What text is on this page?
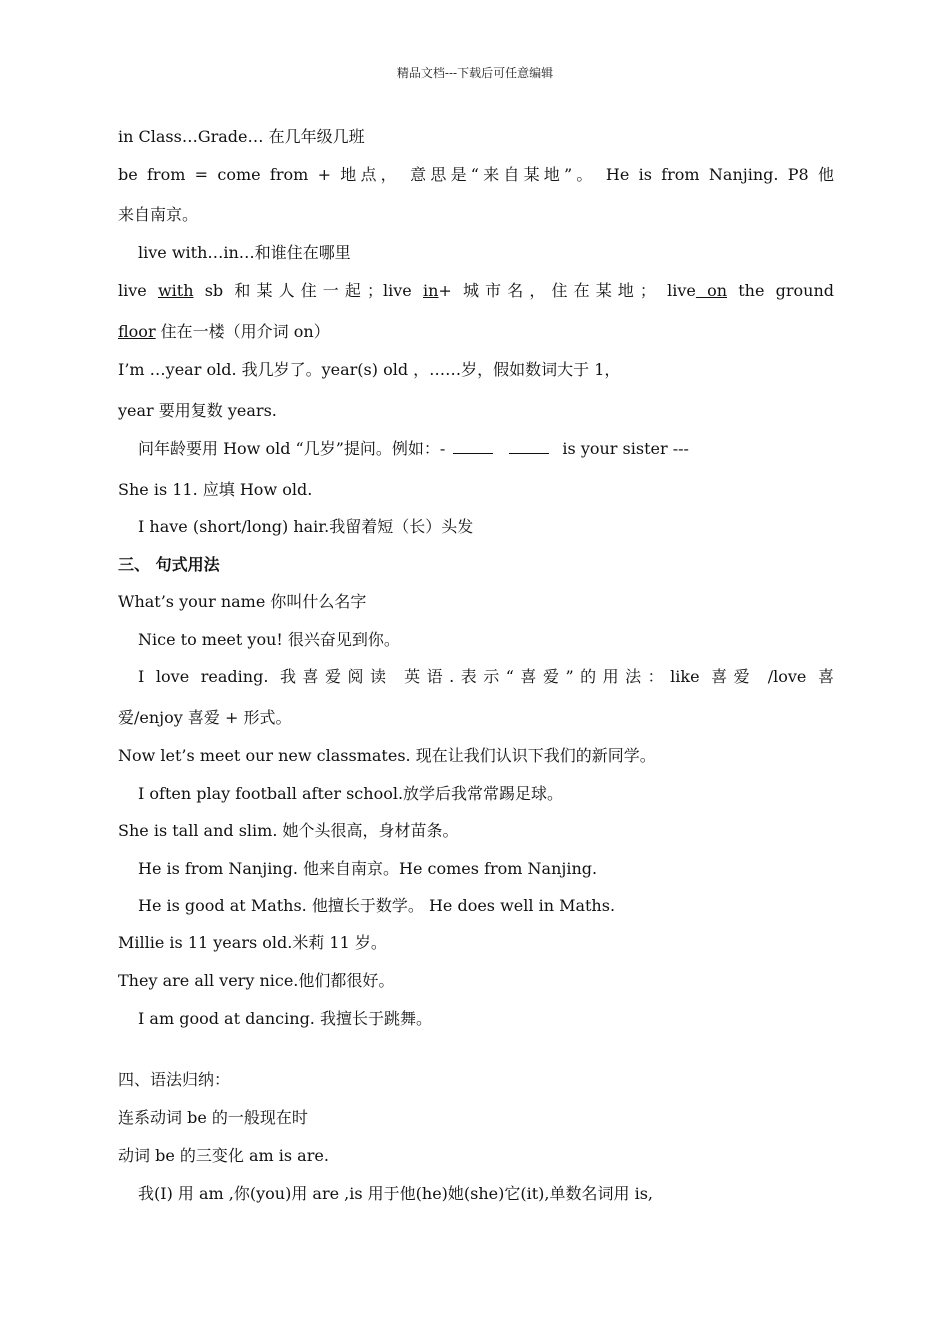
精品文档---下载后可任意编辑
in Class…Grade… 在几年级几班
be from = come from + 地点， 意思是“来自某地”。 He is from Nanjing. P8 他
来自南京。
live with…in…和谁住在哪里
live with sb 和某人住一起；live in+ 城市名，住在某地； live on the ground
floor 住在一楼（用介词 on）
I’m …year old. 我几岁了。year(s) old ，……岁，假如数词大于 1，
year 要用复数 years.
问年龄要用 How old “几岁”提问。例如：-	is your sister ---
She is 11. 应填 How old.
I have (short/long) hair.我留着短（长）头发
三、 句式用法
What’s your name 你叫什么名字
Nice to meet you! 很兴奋见到你。
I love reading. 我喜爱阅读 英语.表示“喜爱”的用法：like 喜爱 /love 喜
爱/enjoy 喜爱 + 形式。
Now let’s meet our new classmates. 现在让我们认识下我们的新同学。
I often play football after school.放学后我常常踢足球。
She is tall and slim. 她个头很高，身材苗条。
He is from Nanjing. 他来自南京。He comes from Nanjing.
He is good at Maths. 他擅长于数学。 He does well in Maths.
Millie is 11 years old.米莉 11 岁。
They are all very nice.他们都很好。
I am good at dancing. 我擅长于跳舞。
四、语法归纳：
连系动词 be 的一般现在时
动词 be 的三变化 am is are.
我(I) 用 am ,你(you)用 are ,is 用于他(he)她(she)它(it),单数名词用 is,
